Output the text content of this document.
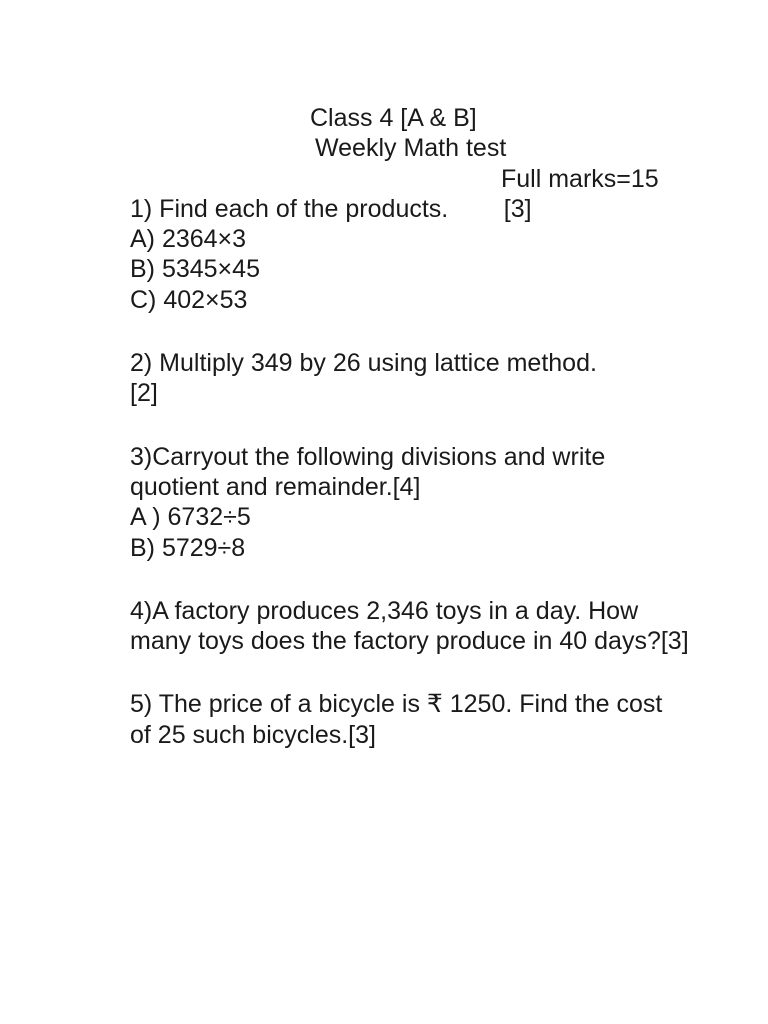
Class 4 [A & B]
Weekly Math test
Full marks=15
1) Find each of the products.        [3]
A) 2364×3
B) 5345×45
C) 402×53
2) Multiply 349 by 26 using lattice method.
[2]
3)Carryout the following divisions and write quotient and remainder.[4]
A ) 6732÷5
B) 5729÷8
4)A factory produces 2,346 toys in a day. How many toys does the factory produce in 40 days?[3]
5) The price of a bicycle is ₹ 1250. Find the cost of 25 such bicycles.[3]
